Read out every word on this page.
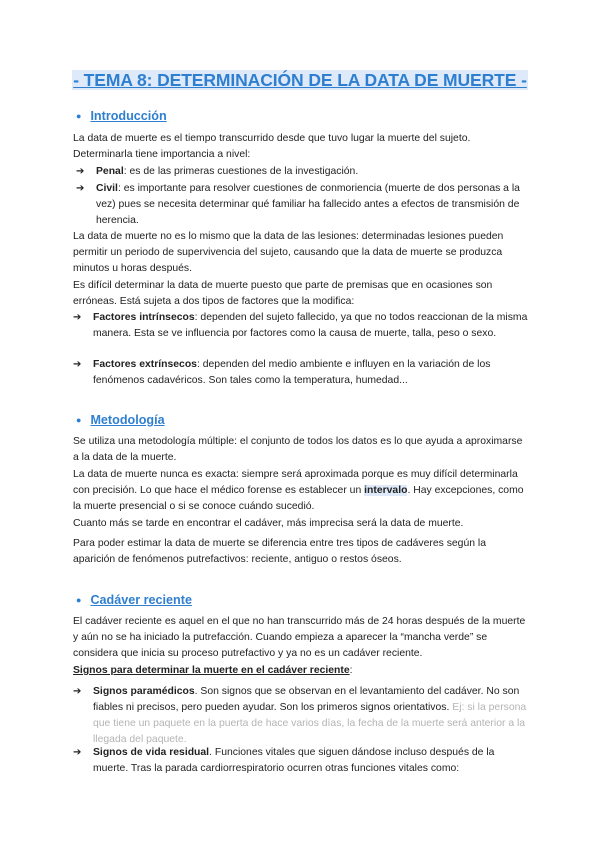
- TEMA 8: DETERMINACIÓN DE LA DATA DE MUERTE -
● Introducción

La data de muerte es el tiempo transcurrido desde que tuvo lugar la muerte del sujeto. Determinarla tiene importancia a nivel:

➔ Penal: es de las primeras cuestiones de la investigación.
➔ Civil: es importante para resolver cuestiones de conmoriencia (muerte de dos personas a la vez) pues se necesita determinar qué familiar ha fallecido antes a efectos de transmisión de herencia.

La data de muerte no es lo mismo que la data de las lesiones: determinadas lesiones pueden permitir un periodo de supervivencia del sujeto, causando que la data de muerte se produzca minutos u horas después.

Es difícil determinar la data de muerte puesto que parte de premisas que en ocasiones son erróneas. Está sujeta a dos tipos de factores que la modifica:

➔ Factores intrínsecos: dependen del sujeto fallecido, ya que no todos reaccionan de la misma manera. Esta se ve influencia por factores como la causa de muerte, talla, peso o sexo.
➔ Factores extrínsecos: dependen del medio ambiente e influyen en la variación de los fenómenos cadavéricos. Son tales como la temperatura, humedad...
● Metodología

Se utiliza una metodología múltiple: el conjunto de todos los datos es lo que ayuda a aproximarse a la data de la muerte.

La data de muerte nunca es exacta: siempre será aproximada porque es muy difícil determinarla con precisión. Lo que hace el médico forense es establecer un intervalo. Hay excepciones, como la muerte presencial o si se conoce cuándo sucedió.

Cuanto más se tarde en encontrar el cadáver, más imprecisa será la data de muerte.

Para poder estimar la data de muerte se diferencia entre tres tipos de cadáveres según la aparición de fenómenos putrefactivos: reciente, antiguo o restos óseos.

● Cadáver reciente

El cadáver reciente es aquel en el que no han transcurrido más de 24 horas después de la muerte y aún no se ha iniciado la putrefacción. Cuando empieza a aparecer la “mancha verde” se considera que inicia su proceso putrefactivo y ya no es un cadáver reciente.

Signos para determinar la muerte en el cadáver reciente:

➔ Signos paramédicos. Son signos que se observan en el levantamiento del cadáver. No son fiables ni precisos, pero pueden ayudar. Son los primeros signos orientativos. Ej: si la persona que tiene un paquete en la puerta de hace varios días, la fecha de la muerte será anterior a la llegada del paquete.
➔ Signos de vida residual. Funciones vitales que siguen dándose incluso después de la muerte. Tras la parada cardiorrespiratorio ocurren otras funciones vitales como:
